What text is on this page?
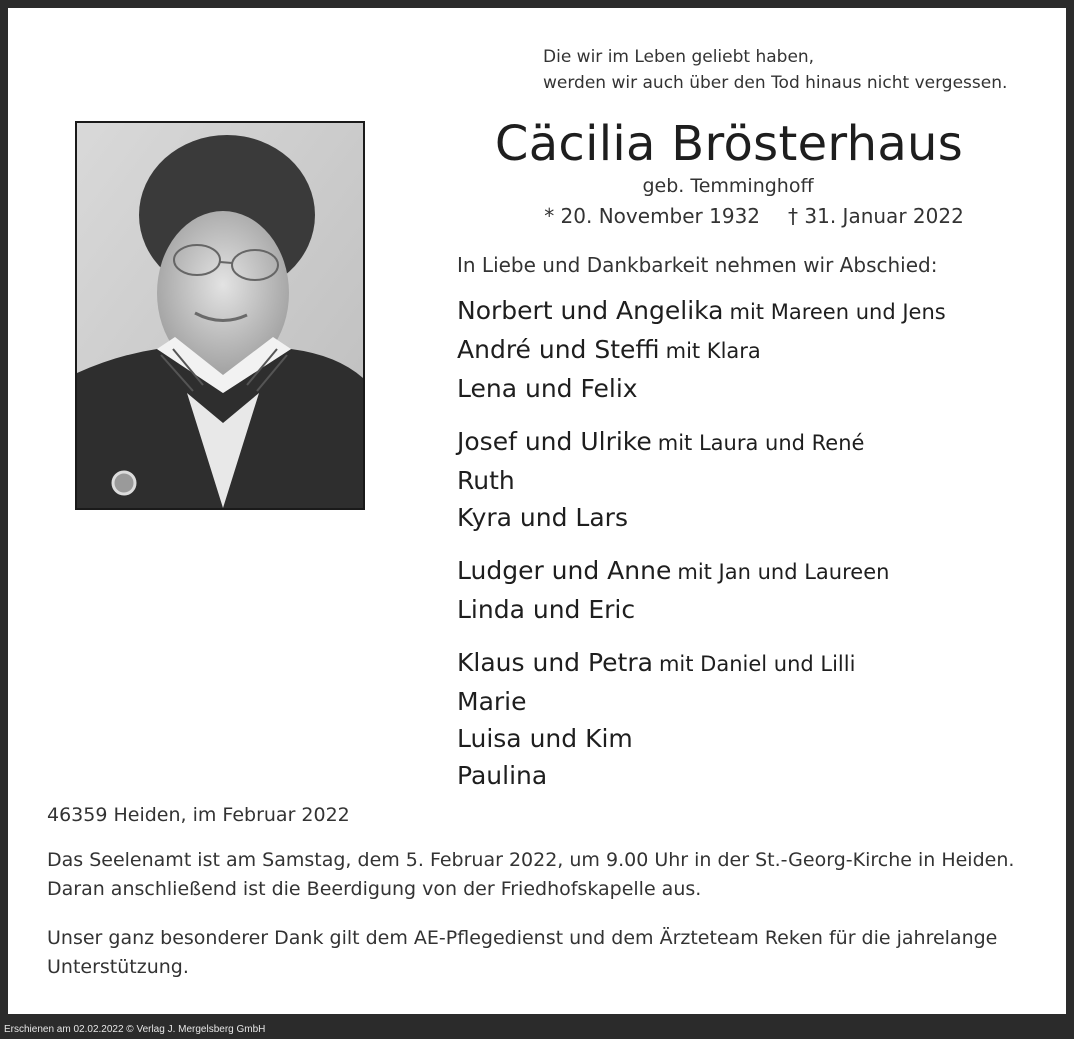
Die wir im Leben geliebt haben,
werden wir auch über den Tod hinaus nicht vergessen.
Cäcilia Brösterhaus
geb. Temminghoff
* 20. November 1932 † 31. Januar 2022
In Liebe und Dankbarkeit nehmen wir Abschied:
Norbert und Angelika mit Mareen und Jens
André und Steffi mit Klara
Lena und Felix
Josef und Ulrike mit Laura und René
Ruth
Kyra und Lars
Ludger und Anne mit Jan und Laureen
Linda und Eric
Klaus und Petra mit Daniel und Lilli
Marie
Luisa und Kim
Paulina
46359 Heiden, im Februar 2022
Das Seelenamt ist am Samstag, dem 5. Februar 2022, um 9.00 Uhr in der St.-Georg-Kirche in Heiden.
Daran anschließend ist die Beerdigung von der Friedhofskapelle aus.
Unser ganz besonderer Dank gilt dem AE-Pflegedienst und dem Ärzteteam Reken für die jahrelange
Unterstützung.
Erschienen am 02.02.2022 © Verlag J. Mergelsberg GmbH
